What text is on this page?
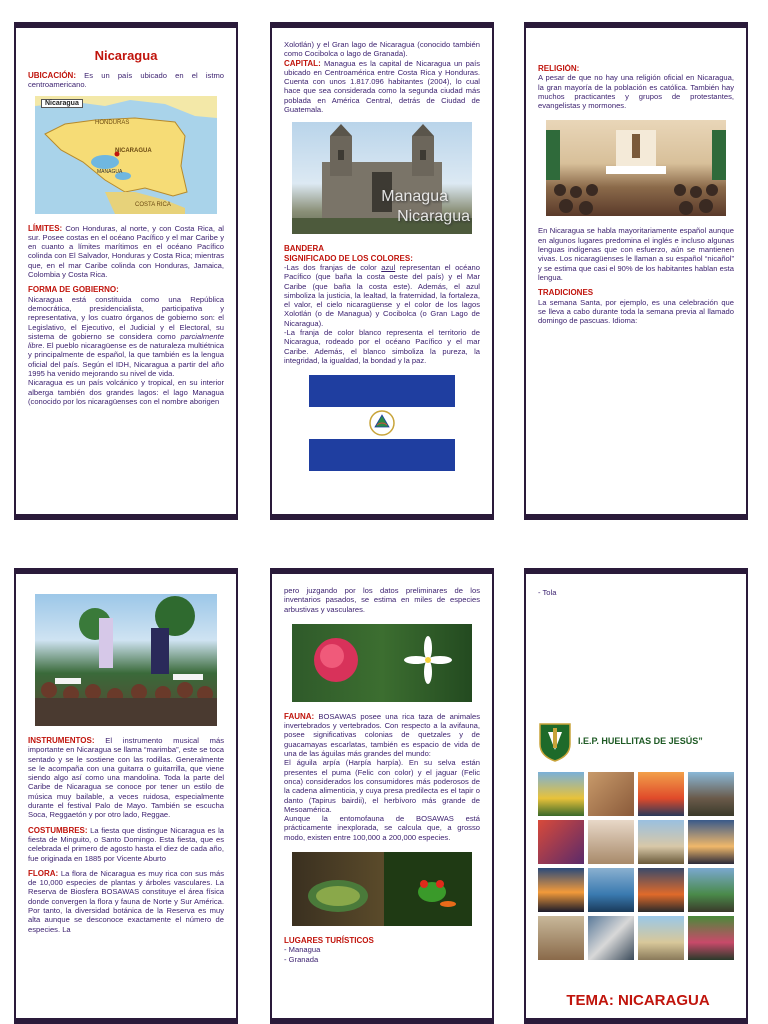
Nicaragua

UBICACIÓN: Es un país ubicado en el istmo centroamericano.

Nicaragua
HONDURAS
NICARAGUA
MANAGUA
COSTA RICA

LÍMITES: Con Honduras, al norte, y con Costa Rica, al sur. Posee costas en el océano Pacífico y el mar Caribe y en cuanto a límites marítimos en el océano Pacífico colinda con El Salvador, Honduras y Costa Rica; mientras que, en el mar Caribe colinda con Honduras, Jamaica, Colombia y Costa Rica.

FORMA DE GOBIERNO:

Nicaragua está constituida como una República democrática, presidencialista, participativa y representativa, y los cuatro órganos de gobierno son: el Legislativo, el Ejecutivo, el Judicial y el Electoral, su sistema de gobierno se considera como parcialmente libre. El pueblo nicaragüense es de naturaleza multiétnica y principalmente de español, la que también es la lengua oficial del país. Según el IDH, Nicaragua a partir del año 1995 ha venido mejorando su nivel de vida.

Nicaragua es un país volcánico y tropical, en su interior alberga también dos grandes lagos: el lago Managua (conocido por los nicaragüenses con el nombre aborigen

Xolotlán) y el Gran lago de Nicaragua (conocido también como Cocibolca o lago de Granada).

CAPITAL: Managua es la capital de Nicaragua un país ubicado en Centroamérica entre Costa Rica y Honduras. Cuenta con unos 1.817.096 habitantes (2004), lo cual hace que sea considerada como la segunda ciudad más poblada en América Central, detrás de Ciudad de Guatemala.

Managua
Nicaragua

BANDERA

SIGNIFICADO DE LOS COLORES:

-Las dos franjas de color azul representan el océano Pacífico (que baña la costa oeste del país) y el Mar Caribe (que baña la costa este). Además, el azul simboliza la justicia, la lealtad, la fraternidad, la fortaleza, el valor, el cielo nicaragüense y el color de los lagos Xolotlán (o de Managua) y Cocibolca (o Gran Lago de Nicaragua).

-La franja de color blanco representa el territorio de Nicaragua, rodeado por el océano Pacífico y el mar Caribe. Además, el blanco simboliza la pureza, la integridad, la igualdad, la bondad y la paz.

RELIGIÓN:

A pesar de que no hay una religión oficial en Nicaragua, la gran mayoría de la población es católica. También hay muchos practicantes y grupos de protestantes, evangelistas y mormones.

En Nicaragua se habla mayoritariamente español aunque en algunos lugares predomina el inglés e incluso algunas lenguas indígenas que con esfuerzo, aún se mantienen vivas. Los nicaragüenses le llaman a su español “nicañol” y se estima que casi el 90% de los habitantes hablan esta lengua.

TRADICIONES

La semana Santa, por ejemplo, es una celebración que se lleva a cabo durante toda la semana previa al llamado domingo de pascuas. Idioma:

INSTRUMENTOS: El instrumento musical más importante en Nicaragua se llama “marimba”, este se toca sentado y se le sostiene con las rodillas. Generalmente se le acompaña con una guitarra o guitarrilla, que viene siendo algo así como una mandolina. Toda la parte del Caribe de Nicaragua se conoce por tener un estilo de música muy bailable, a veces ruidosa, especialmente durante el festival Palo de Mayo. También se escucha Soca, Reggaetón y por otro lado, Reggae.

COSTUMBRES: La fiesta que distingue Nicaragua es la fiesta de Minguito, o Santo Domingo. Esta fiesta, que es celebrada el primero de agosto hasta el diez de cada año, fue originada en 1885 por Vicente Aburto

FLORA: La flora de Nicaragua es muy rica con sus más de 10,000 especies de plantas y árboles vasculares. La Reserva de Biosfera BOSAWAS constituye el área física donde convergen la flora y fauna de Norte y Sur América. Por tanto, la diversidad botánica de la Reserva es muy alta aunque se desconoce exactamente el número de especies. La

pero juzgando por los datos preliminares de los inventarios pasados, se estima en miles de especies arbustivas y vasculares.

FAUNA: BOSAWAS posee una rica taza de animales invertebrados y vertebrados. Con respecto a la avifauna, posee significativas colonias de quetzales y de guacamayas escarlatas, también es espacio de vida de una de las águilas más grandes del mundo:

El águila arpía (Harpía harpía). En su selva están presentes el puma (Felic con color) y el jaguar (Felic onca) considerados los consumidores más poderosos de la cadena alimenticia, y cuya presa predilecta es el tapir o danto (Tapirus bairdii), el herbívoro más grande de Mesoamérica.

Aunque la entomofauna de BOSAWAS está prácticamente inexplorada, se calcula que, a grosso modo, existen entre 100,000 a 200,000 especies.

LUGARES TURÍSTICOS

- Managua

- Granada

- Tola

I.E.P. HUELLITAS DE JESÚS”
TEMA: NICARAGUA
